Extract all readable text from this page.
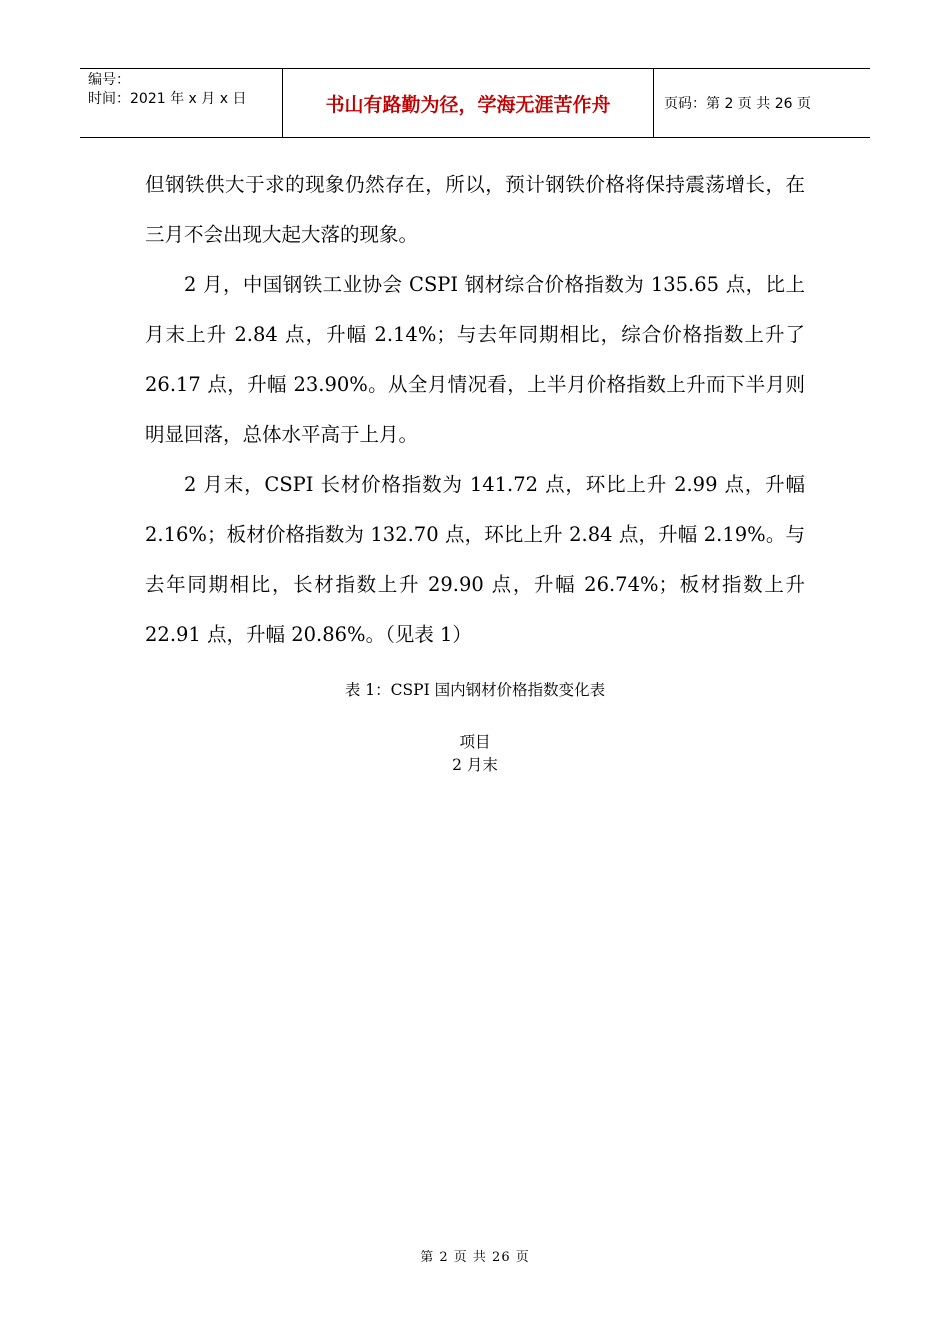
编号：
时间：2021 年 x 月 x 日	书山有路勤为径，学海无涯苦作舟	页码：第 2 页 共 26 页

但钢铁供大于求的现象仍然存在，所以，预计钢铁价格将保持震荡增长，在三月不会出现大起大落的现象。

2 月，中国钢铁工业协会 CSPI 钢材综合价格指数为 135.65 点，比上月末上升 2.84 点，升幅 2.14%；与去年同期相比，综合价格指数上升了 26.17 点，升幅 23.90%。从全月情况看，上半月价格指数上升而下半月则明显回落，总体水平高于上月。

2 月末，CSPI 长材价格指数为 141.72 点，环比上升 2.99 点，升幅 2.16%；板材价格指数为 132.70 点，环比上升 2.84 点，升幅 2.19%。与去年同期相比，长材指数上升 29.90 点，升幅 26.74%；板材指数上升 22.91 点，升幅 20.86%。（见表 1）

表 1：CSPI 国内钢材价格指数变化表
项目
2 月末
第 2 页 共 26 页
